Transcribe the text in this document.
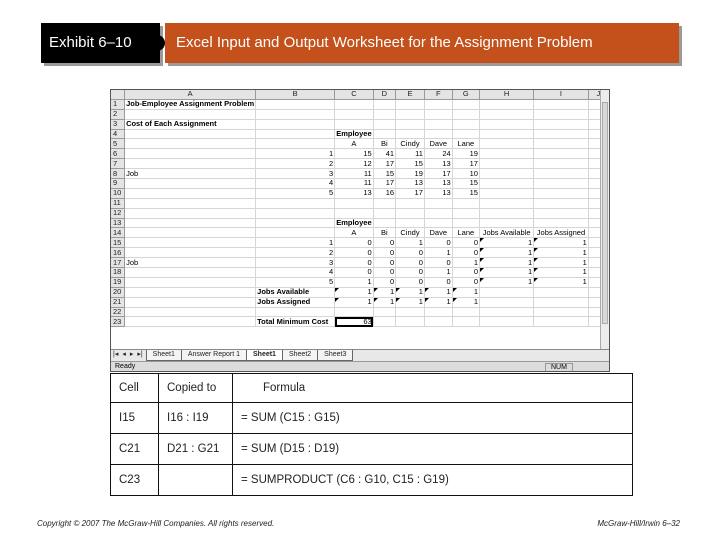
Exhibit 6–10	Excel Input and Output Worksheet for the Assignment Problem
	A	B	C	D	E	F	G	H	I	J
1	Job-Employee Assignment Problem									
2										
3	Cost of Each Assignment									
4			Employee							
5			A	Bi	Cindy	Dave	Lane			
6		1	15	41	11	24	19			
7		2	12	17	15	13	17			
8	Job	3	11	15	19	17	10			
9		4	11	17	13	13	15			
10		5	13	16	17	13	15			
11										
12										
13			Employee							
14			A	Bi	Cindy	Dave	Lane	Jobs Available	Jobs Assigned	
15		1	0	0	1	0	0	1	1	
16		2	0	0	0	1	0	1	1	
17	Job	3	0	0	0	0	1	1	1	
18		4	0	0	0	1	0	1	1	
19		5	1	0	0	0	0	1	1	
20		Jobs Available	1	1	1	1	1			
21		Jobs Assigned	1	1	1	1	1			
22										
23		Total Minimum Cost	63							
|◂ ◂ ▸ ▸| Sheet1 Answer Report 1 Sheet1 Sheet2 Sheet3
Ready	NUM
Cell	Copied to	Formula
I15	I16 : I19	= SUM (C15 : G15)
C21	D21 : G21	= SUM (D15 : D19)
C23		= SUMPRODUCT (C6 : G10, C15 : G19)
Copyright © 2007 The McGraw-Hill Companies. All rights reserved.	McGraw-Hill/Irwin 6–32
